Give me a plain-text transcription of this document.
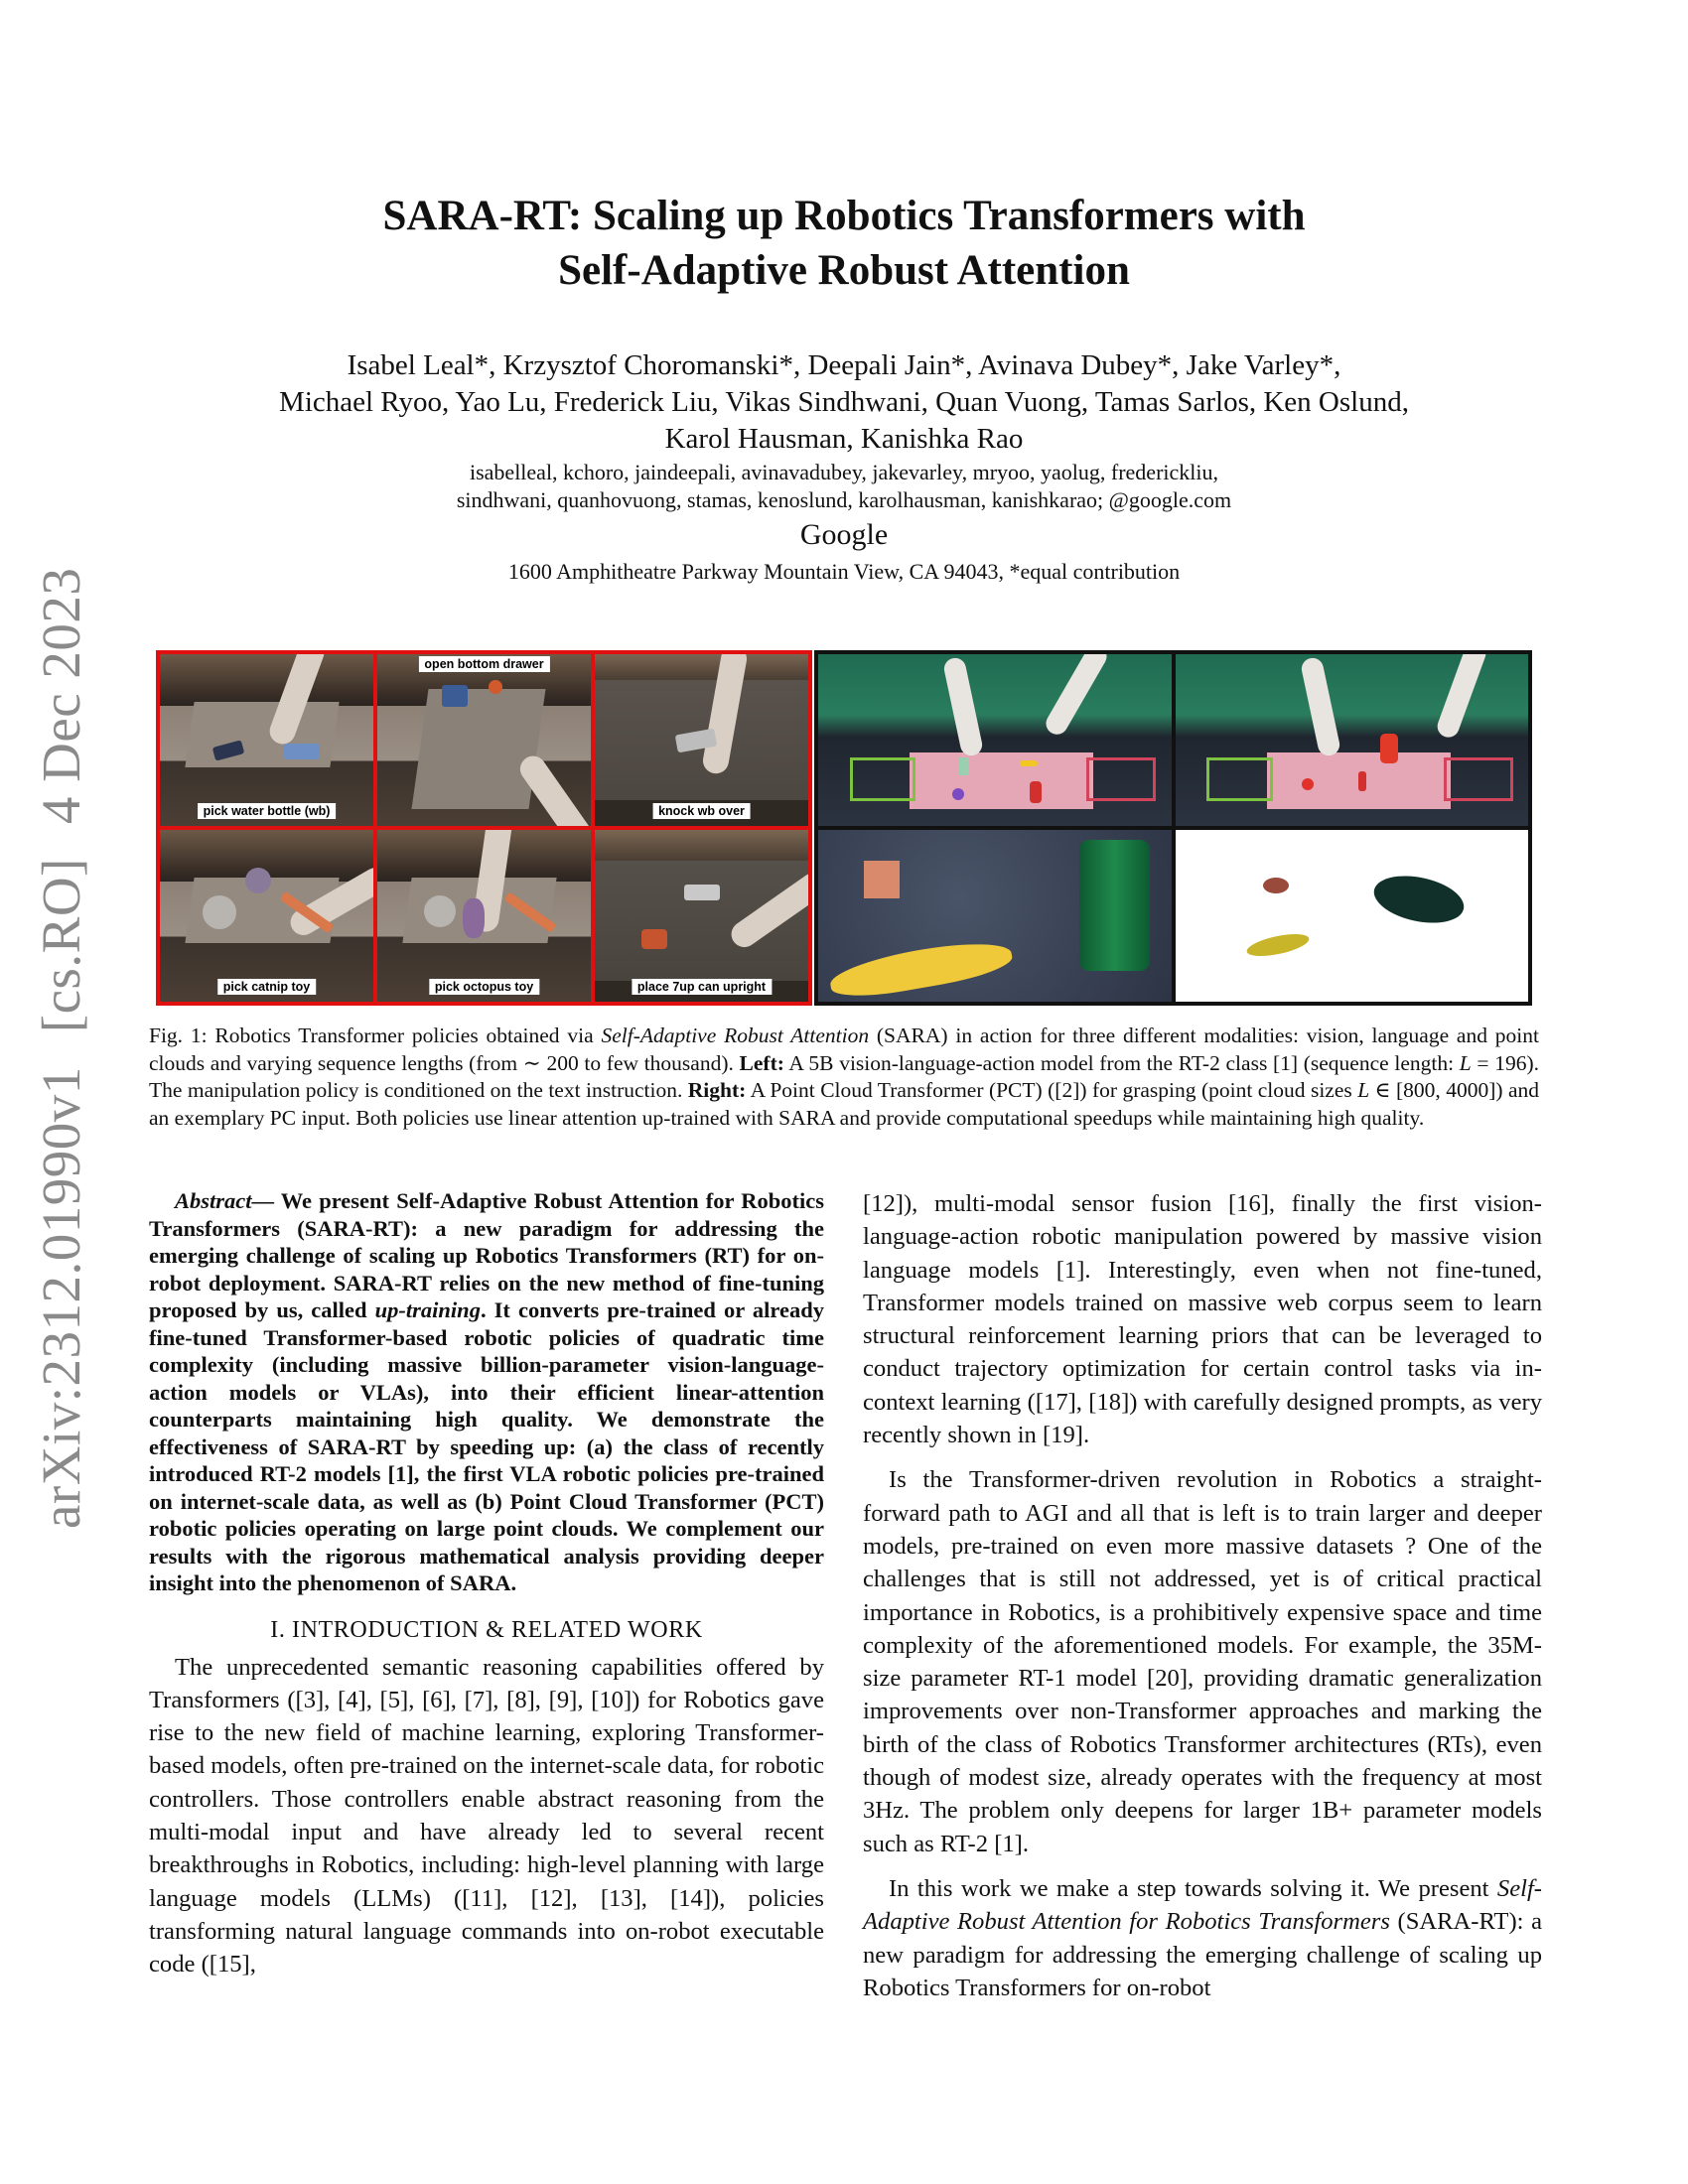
arXiv:2312.01990v1[cs.RO]4 Dec 2023
SARA-RT: Scaling up Robotics Transformers with
Self-Adaptive Robust Attention
Isabel Leal*, Krzysztof Choromanski*, Deepali Jain*, Avinava Dubey*, Jake Varley*,
Michael Ryoo, Yao Lu, Frederick Liu, Vikas Sindhwani, Quan Vuong, Tamas Sarlos, Ken Oslund,
Karol Hausman, Kanishka Rao
isabelleal, kchoro, jaindeepali, avinavadubey, jakevarley, mryoo, yaolug, frederickliu,
sindhwani, quanhovuong, stamas, kenoslund, karolhausman, kanishkarao; @google.com
Google
1600 Amphitheatre Parkway Mountain View, CA 94043, *equal contribution
pick water bottle (wb)
open bottom drawer
knock wb over
pick catnip toy	pick octopus toy	place 7up can upright
Fig. 1: Robotics Transformer policies obtained via Self-Adaptive Robust Attention (SARA) in action for three different modalities: vision, language and point clouds and varying sequence lengths (from ∼ 200 to few thousand). Left: A 5B vision-language-action model from the RT-2 class [1] (sequence length: L = 196). The manipulation policy is conditioned on the text instruction. Right: A Point Cloud Transformer (PCT) ([2]) for grasping (point cloud sizes L ∈ [800, 4000]) and an exemplary PC input. Both policies use linear attention up-trained with SARA and provide computational speedups while maintaining high quality.

Abstract— We present Self-Adaptive Robust Attention for Robotics Transformers (SARA-RT): a new paradigm for addressing the emerging challenge of scaling up Robotics Transformers (RT) for on-robot deployment. SARA-RT relies on the new method of fine-tuning proposed by us, called up-training. It converts pre-trained or already fine-tuned Transformer-based robotic policies of quadratic time complexity (including massive billion-parameter vision-language-action models or VLAs), into their efficient linear-attention counterparts maintaining high quality. We demonstrate the effectiveness of SARA-RT by speeding up: (a) the class of recently introduced RT-2 models [1], the first VLA robotic policies pre-trained on internet-scale data, as well as (b) Point Cloud Transformer (PCT) robotic policies operating on large point clouds. We complement our results with the rigorous mathematical analysis providing deeper insight into the phenomenon of SARA.

I. INTRODUCTION & RELATED WORK

The unprecedented semantic reasoning capabilities offered by Transformers ([3], [4], [5], [6], [7], [8], [9], [10]) for Robotics gave rise to the new field of machine learning, exploring Transformer-based models, often pre-trained on the internet-scale data, for robotic controllers. Those controllers enable abstract reasoning from the multi-modal input and have already led to several recent breakthroughs in Robotics, including: high-level planning with large language models (LLMs) ([11], [12], [13], [14]), policies transforming natural language commands into on-robot executable code ([15],

[12]), multi-modal sensor fusion [16], finally the first vision-language-action robotic manipulation powered by massive vision language models [1]. Interestingly, even when not fine-tuned, Transformer models trained on massive web corpus seem to learn structural reinforcement learning priors that can be leveraged to conduct trajectory optimization for certain control tasks via in-context learning ([17], [18]) with carefully designed prompts, as very recently shown in [19].

Is the Transformer-driven revolution in Robotics a straight-forward path to AGI and all that is left is to train larger and deeper models, pre-trained on even more massive datasets ? One of the challenges that is still not addressed, yet is of critical practical importance in Robotics, is a prohibitively expensive space and time complexity of the aforementioned models. For example, the 35M-size parameter RT-1 model [20], providing dramatic generalization improvements over non-Transformer approaches and marking the birth of the class of Robotics Transformer architectures (RTs), even though of modest size, already operates with the frequency at most 3Hz. The problem only deepens for larger 1B+ parameter models such as RT-2 [1].

In this work we make a step towards solving it. We present Self-Adaptive Robust Attention for Robotics Transformers (SARA-RT): a new paradigm for addressing the emerging challenge of scaling up Robotics Transformers for on-robot
